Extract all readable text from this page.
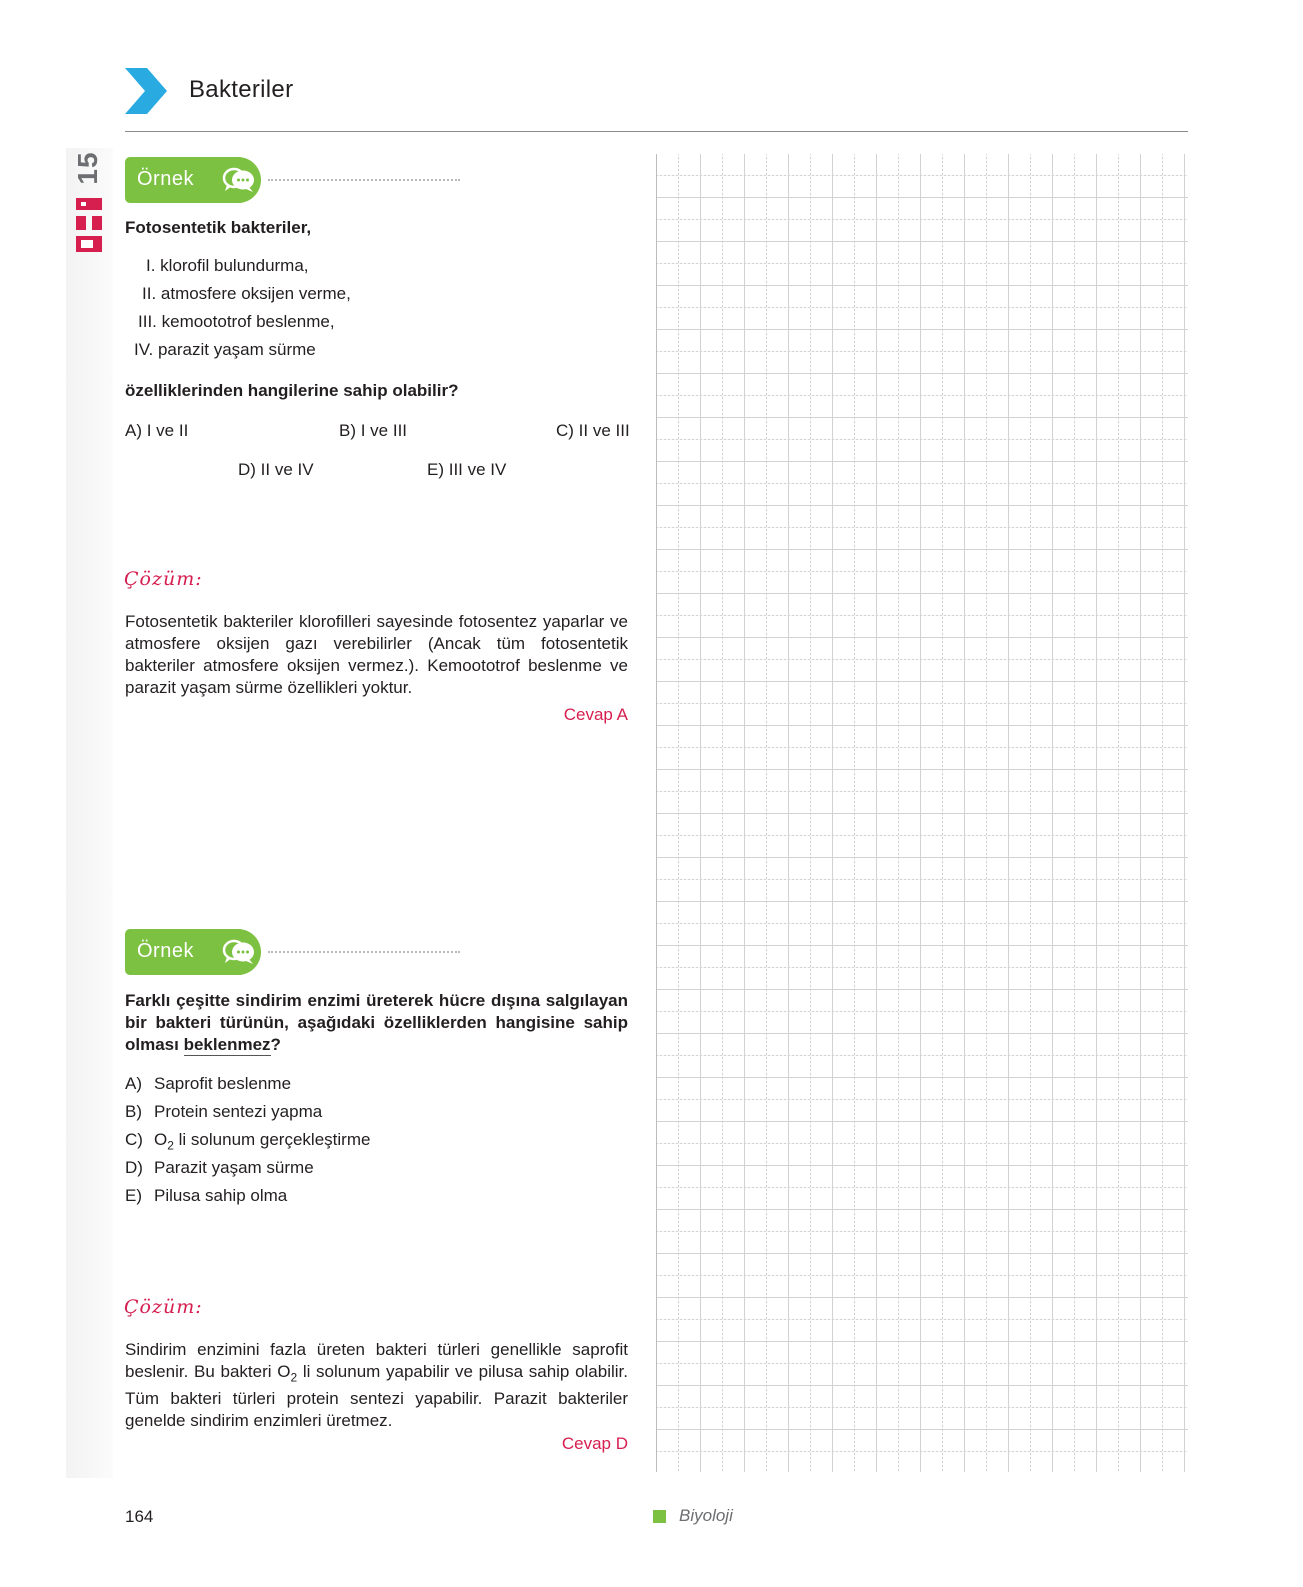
15
Bakteriler
Örnek
Fotosentetik bakteriler,
I. klorofil bulundurma,
II. atmosfere oksijen verme,
III. kemoototrof beslenme,
IV. parazit yaşam sürme
özelliklerinden hangilerine sahip olabilir?
A) I ve II	B) I ve III	C) II ve III
D) II ve IV	E) III ve IV
Çözüm:
Fotosentetik bakteriler klorofilleri sayesinde fotosentez yaparlar ve atmosfere oksijen gazı verebilirler (Ancak tüm fotosentetik bakteriler atmosfere oksijen vermez.). Kemoototrof beslenme ve parazit yaşam sürme özellikleri yoktur.
Cevap A
Örnek
Farklı çeşitte sindirim enzimi üreterek hücre dışına salgılayan bir bakteri türünün, aşağıdaki özelliklerden hangisine sahip olması beklenmez?
A) Saprofit beslenme
B) Protein sentezi yapma
C) $O_2$ li solunum gerçekleştirme
D) Parazit yaşam sürme
E) Pilusa sahip olma
Çözüm:
Sindirim enzimini fazla üreten bakteri türleri genellikle saprofit beslenir. Bu bakteri $O_2$ li solunum yapabilir ve pilusa sahip olabilir. Tüm bakteri türleri protein sentezi yapabilir. Parazit bakteriler genelde sindirim enzimleri üretmez.
Cevap D
164	Biyoloji
